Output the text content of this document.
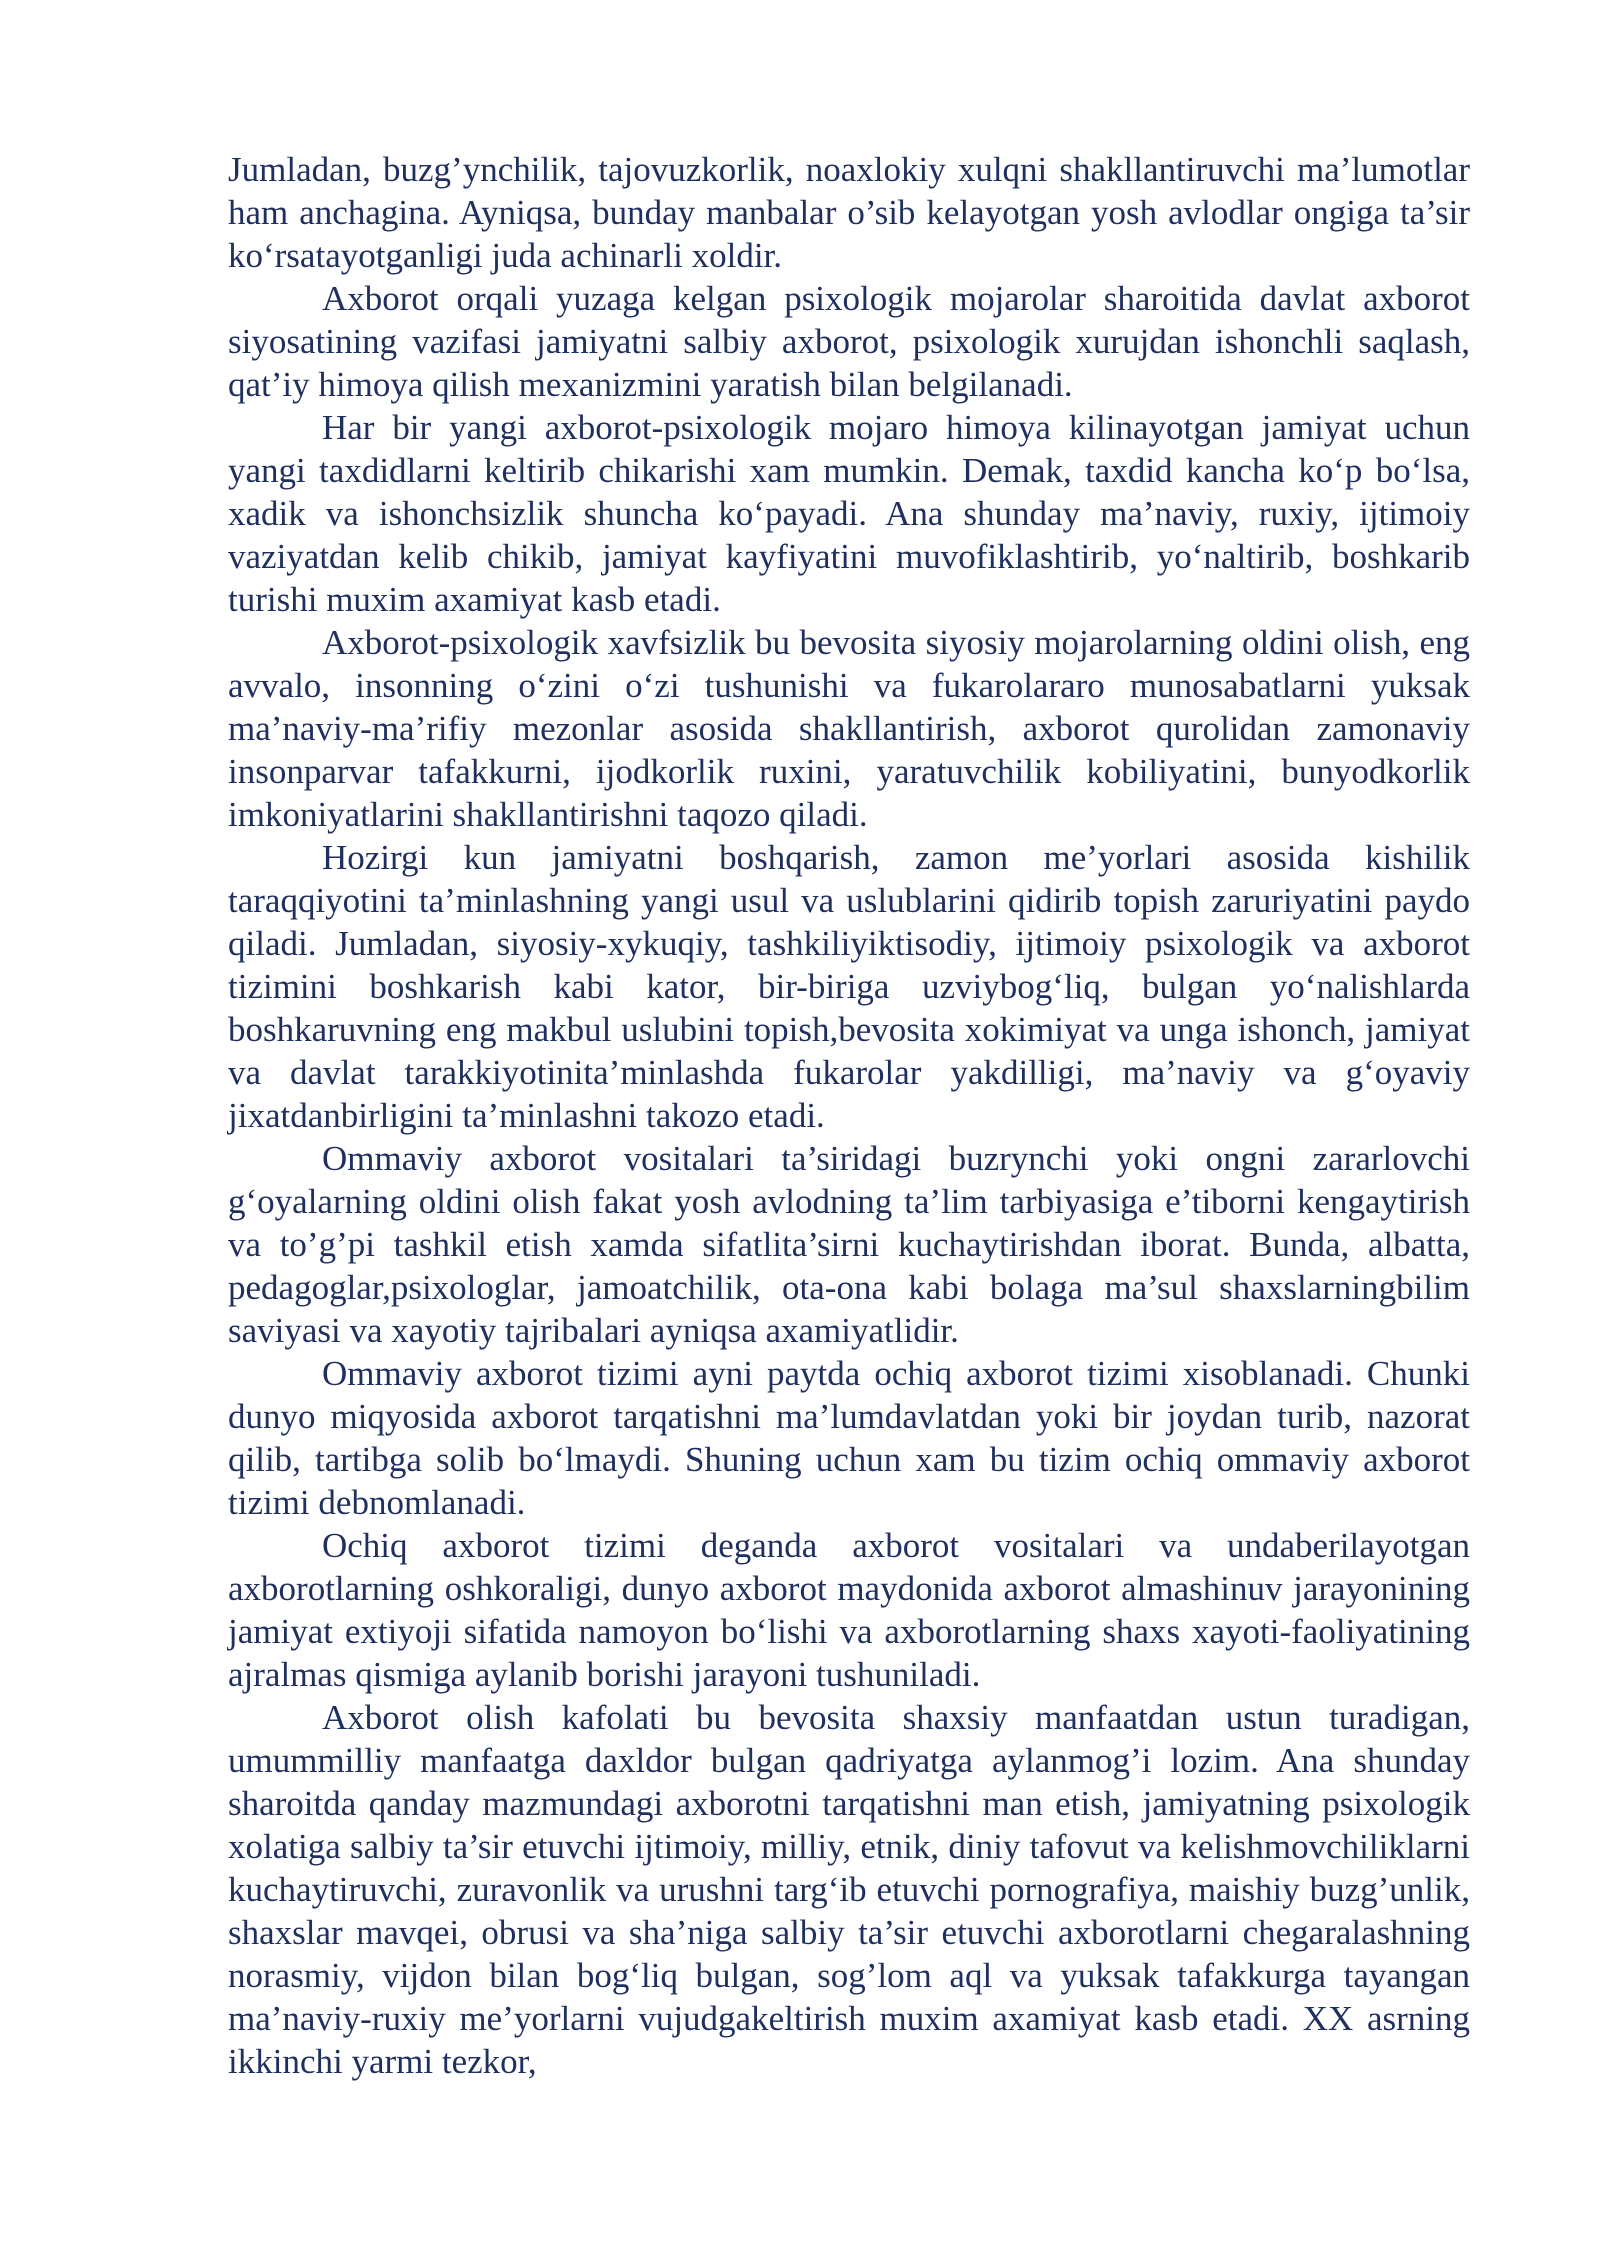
Jumladan, buzg’ynchilik, tajovuzkorlik, noaxlokiy xulqni shakllantiruvchi ma’lumotlar ham anchagina. Ayniqsa, bunday manbalar o’sib kelayotgan yosh avlodlar ongiga ta’sir ko‘rsatayotganligi juda achinarli xoldir.

Axborot orqali yuzaga kelgan psixologik mojarolar sharoitida davlat axborot siyosatining vazifasi jamiyatni salbiy axborot, psixologik xurujdan ishonchli saqlash, qat’iy himoya qilish mexanizmini yaratish bilan belgilanadi.

Har bir yangi axborot-psixologik mojaro himoya kilinayotgan jamiyat uchun yangi taxdidlarni keltirib chikarishi xam mumkin. Demak, taxdid kancha ko‘p bo‘lsa, xadik va ishonchsizlik shuncha ko‘payadi. Ana shunday ma’naviy, ruxiy, ijtimoiy vaziyatdan kelib chikib, jamiyat kayfiyatini muvofiklashtirib, yo‘naltirib, boshkarib turishi muxim axamiyat kasb etadi.

Axborot-psixologik xavfsizlik bu bevosita siyosiy mojarolarning oldini olish, eng avvalo, insonning o‘zini o‘zi tushunishi va fukarolararo munosabatlarni yuksak ma’naviy-ma’rifiy mezonlar asosida shakllantirish, axborot qurolidan zamonaviy insonparvar tafakkurni, ijodkorlik ruxini, yaratuvchilik kobiliyatini, bunyodkorlik imkoniyatlarini shakllantirishni taqozo qiladi.

Hozirgi kun jamiyatni boshqarish, zamon me’yorlari asosida kishilik taraqqiyotini ta’minlashning yangi usul va uslublarini qidirib topish zaruriyatini paydo qiladi. Jumladan, siyosiy-xykuqiy, tashkiliyiktisodiy, ijtimoiy psixologik va axborot tizimini boshkarish kabi kator, bir-biriga uzviybog‘liq, bulgan yo‘nalishlarda boshkaruvning eng makbul uslubini topish,bevosita xokimiyat va unga ishonch, jamiyat va davlat tarakkiyotinita’minlashda fukarolar yakdilligi, ma’naviy va g‘oyaviy jixatdanbirligini ta’minlashni takozo etadi.

Ommaviy axborot vositalari ta’siridagi buzrynchi yoki ongni zararlovchi g‘oyalarning oldini olish fakat yosh avlodning ta’lim tarbiyasiga e’tiborni kengaytirish va to’g’pi tashkil etish xamda sifatlita’sirni kuchaytirishdan iborat. Bunda, albatta, pedagoglar,psixologlar, jamoatchilik, ota-ona kabi bolaga ma’sul shaxslarningbilim saviyasi va xayotiy tajribalari ayniqsa axamiyatlidir.

Ommaviy axborot tizimi ayni paytda ochiq axborot tizimi xisoblanadi. Chunki dunyo miqyosida axborot tarqatishni ma’lumdavlatdan yoki bir joydan turib, nazorat qilib, tartibga solib bo‘lmaydi. Shuning uchun xam bu tizim ochiq ommaviy axborot tizimi debnomlanadi.

Ochiq axborot tizimi deganda axborot vositalari va undaberilayotgan axborotlarning oshkoraligi, dunyo axborot maydonida axborot almashinuv jarayonining jamiyat extiyoji sifatida namoyon bo‘lishi va axborotlarning shaxs xayoti-faoliyatining ajralmas qismiga aylanib borishi jarayoni tushuniladi.

Axborot olish kafolati bu bevosita shaxsiy manfaatdan ustun turadigan, umummilliy manfaatga daxldor bulgan qadriyatga aylanmog’i lozim. Ana shunday sharoitda qanday mazmundagi axborotni tarqatishni man etish, jamiyatning psixologik xolatiga salbiy ta’sir etuvchi ijtimoiy, milliy, etnik, diniy tafovut va kelishmovchiliklarni kuchaytiruvchi, zuravonlik va urushni targ‘ib etuvchi pornografiya, maishiy buzg’unlik, shaxslar mavqei, obrusi va sha’niga salbiy ta’sir etuvchi axborotlarni chegaralashning norasmiy, vijdon bilan bog‘liq bulgan, sog’lom aql va yuksak tafakkurga tayangan ma’naviy-ruxiy me’yorlarni vujudgakeltirish muxim axamiyat kasb etadi. XX asrning ikkinchi yarmi tezkor,
